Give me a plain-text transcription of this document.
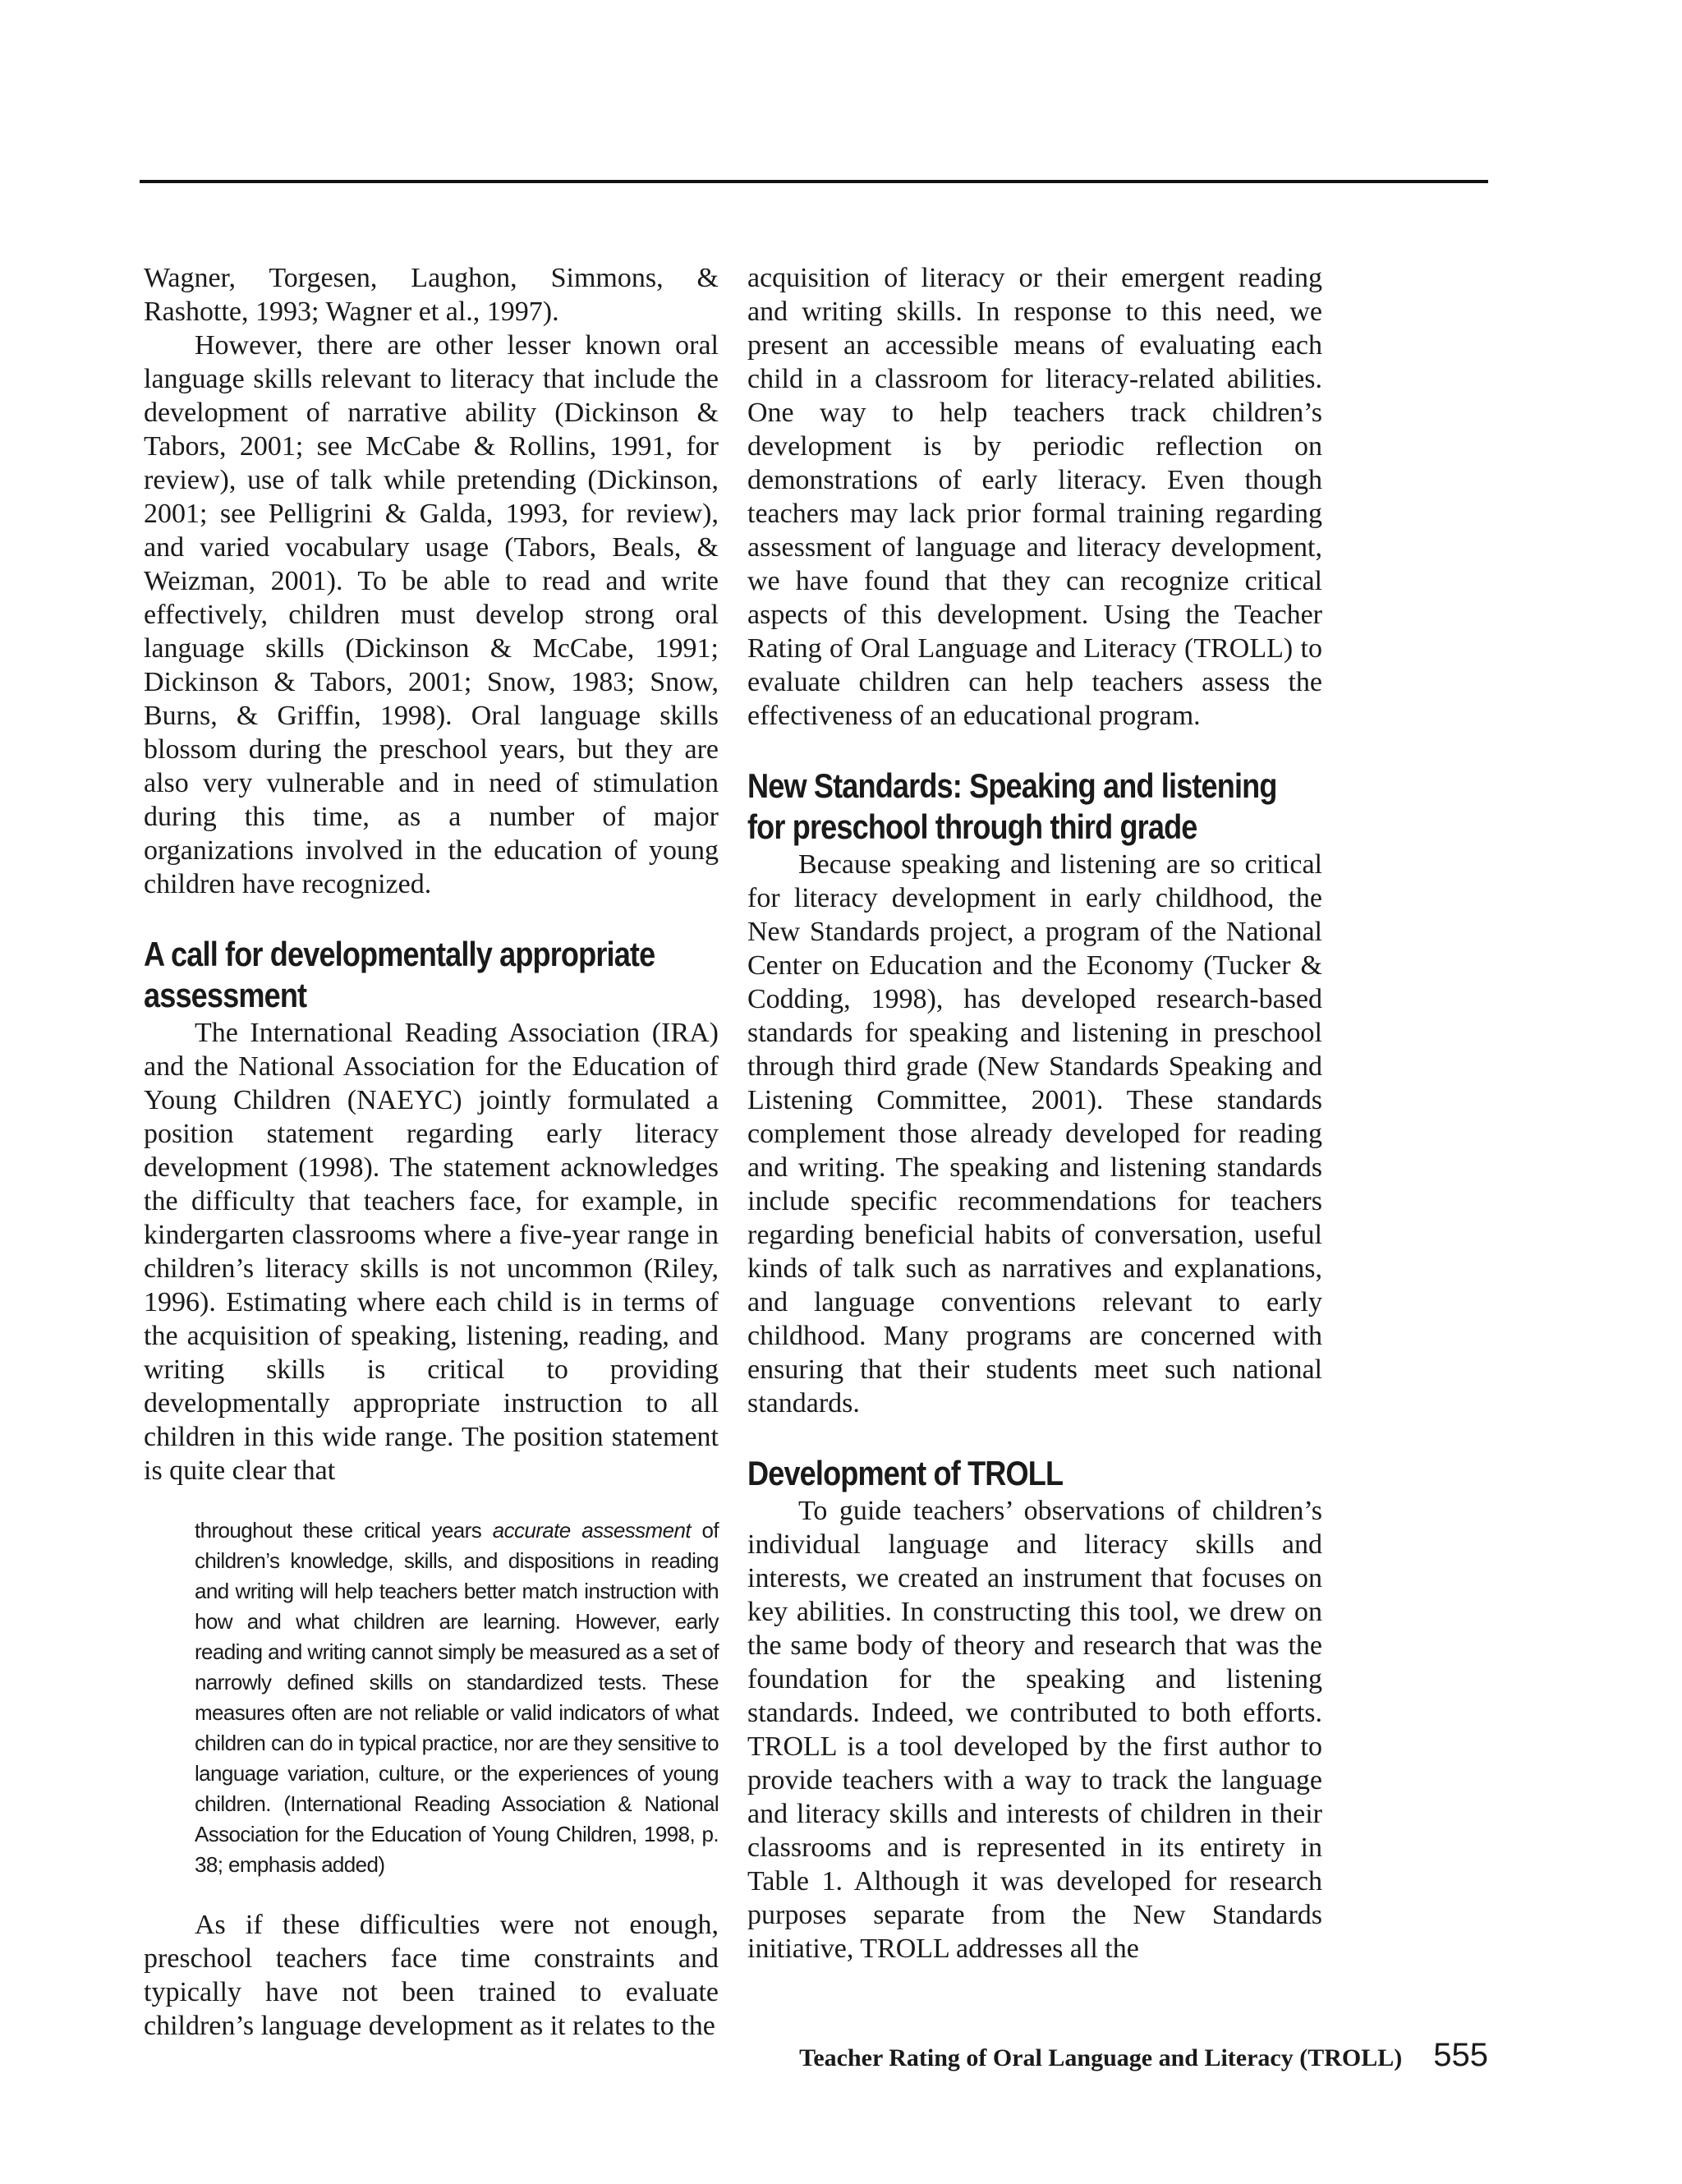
Wagner, Torgesen, Laughon, Simmons, & Rashotte, 1993; Wagner et al., 1997).

However, there are other lesser known oral language skills relevant to literacy that include the development of narrative ability (Dickinson & Tabors, 2001; see McCabe & Rollins, 1991, for review), use of talk while pretending (Dickinson, 2001; see Pelligrini & Galda, 1993, for review), and varied vocabulary usage (Tabors, Beals, & Weizman, 2001). To be able to read and write effectively, children must develop strong oral language skills (Dickinson & McCabe, 1991; Dickinson & Tabors, 2001; Snow, 1983; Snow, Burns, & Griffin, 1998). Oral language skills blossom during the preschool years, but they are also very vulnerable and in need of stimulation during this time, as a number of major organizations involved in the education of young children have recognized.

A call for developmentally appropriate assessment

The International Reading Association (IRA) and the National Association for the Education of Young Children (NAEYC) jointly formulated a position statement regarding early literacy development (1998). The statement acknowledges the difficulty that teachers face, for example, in kindergarten classrooms where a five-year range in children’s literacy skills is not uncommon (Riley, 1996). Estimating where each child is in terms of the acquisition of speaking, listening, reading, and writing skills is critical to providing developmentally appropriate instruction to all children in this wide range. The position statement is quite clear that

throughout these critical years accurate assessment of children’s knowledge, skills, and dispositions in reading and writing will help teachers better match instruction with how and what children are learning. However, early reading and writing cannot simply be measured as a set of narrowly defined skills on standardized tests. These measures often are not reliable or valid indicators of what children can do in typical practice, nor are they sensitive to language variation, culture, or the experiences of young children. (International Reading Association & National Association for the Education of Young Children, 1998, p. 38; emphasis added)

As if these difficulties were not enough, preschool teachers face time constraints and typically have not been trained to evaluate children’s language development as it relates to the

acquisition of literacy or their emergent reading and writing skills. In response to this need, we present an accessible means of evaluating each child in a classroom for literacy-related abilities. One way to help teachers track children’s development is by periodic reflection on demonstrations of early literacy. Even though teachers may lack prior formal training regarding assessment of language and literacy development, we have found that they can recognize critical aspects of this development. Using the Teacher Rating of Oral Language and Literacy (TROLL) to evaluate children can help teachers assess the effectiveness of an educational program.

New Standards: Speaking and listening for preschool through third grade

Because speaking and listening are so critical for literacy development in early childhood, the New Standards project, a program of the National Center on Education and the Economy (Tucker & Codding, 1998), has developed research-based standards for speaking and listening in preschool through third grade (New Standards Speaking and Listening Committee, 2001). These standards complement those already developed for reading and writing. The speaking and listening standards include specific recommendations for teachers regarding beneficial habits of conversation, useful kinds of talk such as narratives and explanations, and language conventions relevant to early childhood. Many programs are concerned with ensuring that their students meet such national standards.

Development of TROLL

To guide teachers’ observations of children’s individual language and literacy skills and interests, we created an instrument that focuses on key abilities. In constructing this tool, we drew on the same body of theory and research that was the foundation for the speaking and listening standards. Indeed, we contributed to both efforts. TROLL is a tool developed by the first author to provide teachers with a way to track the language and literacy skills and interests of children in their classrooms and is represented in its entirety in Table 1. Although it was developed for research purposes separate from the New Standards initiative, TROLL addresses all the

Teacher Rating of Oral Language and Literacy (TROLL) 555
